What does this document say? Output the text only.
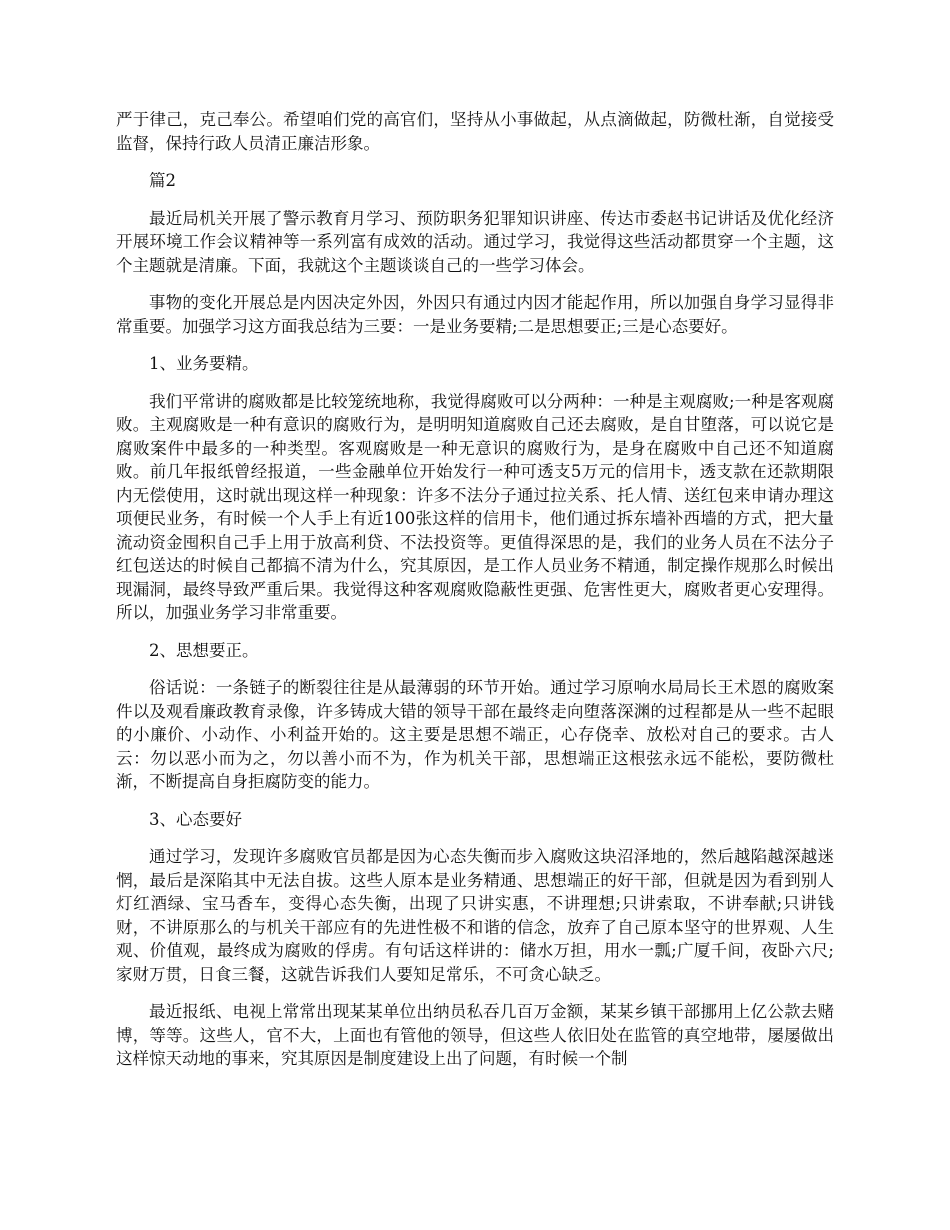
严于律己，克己奉公。希望咱们党的高官们，坚持从小事做起，从点滴做起，防微杜渐，自觉接受监督，保持行政人员清正廉洁形象。

篇2

最近局机关开展了警示教育月学习、预防职务犯罪知识讲座、传达市委赵书记讲话及优化经济开展环境工作会议精神等一系列富有成效的活动。通过学习，我觉得这些活动都贯穿一个主题，这个主题就是清廉。下面，我就这个主题谈谈自己的一些学习体会。

事物的变化开展总是内因决定外因，外因只有通过内因才能起作用，所以加强自身学习显得非常重要。加强学习这方面我总结为三要：一是业务要精;二是思想要正;三是心态要好。

1、业务要精。

我们平常讲的腐败都是比较笼统地称，我觉得腐败可以分两种：一种是主观腐败;一种是客观腐败。主观腐败是一种有意识的腐败行为，是明明知道腐败自己还去腐败，是自甘堕落，可以说它是腐败案件中最多的一种类型。客观腐败是一种无意识的腐败行为，是身在腐败中自己还不知道腐败。前几年报纸曾经报道，一些金融单位开始发行一种可透支5万元的信用卡，透支款在还款期限内无偿使用，这时就出现这样一种现象：许多不法分子通过拉关系、托人情、送红包来申请办理这项便民业务，有时候一个人手上有近100张这样的信用卡，他们通过拆东墙补西墙的方式，把大量流动资金囤积自己手上用于放高利贷、不法投资等。更值得深思的是，我们的业务人员在不法分子红包送达的时候自己都搞不清为什么，究其原因，是工作人员业务不精通，制定操作规那么时候出现漏洞，最终导致严重后果。我觉得这种客观腐败隐蔽性更强、危害性更大，腐败者更心安理得。所以，加强业务学习非常重要。

2、思想要正。

俗话说：一条链子的断裂往往是从最薄弱的环节开始。通过学习原响水局局长王术恩的腐败案件以及观看廉政教育录像，许多铸成大错的领导干部在最终走向堕落深渊的过程都是从一些不起眼的小廉价、小动作、小利益开始的。这主要是思想不端正，心存侥幸、放松对自己的要求。古人云：勿以恶小而为之，勿以善小而不为，作为机关干部，思想端正这根弦永远不能松，要防微杜渐，不断提高自身拒腐防变的能力。

3、心态要好

通过学习，发现许多腐败官员都是因为心态失衡而步入腐败这块沼泽地的，然后越陷越深越迷惘，最后是深陷其中无法自拔。这些人原本是业务精通、思想端正的好干部，但就是因为看到别人灯红酒绿、宝马香车，变得心态失衡，出现了只讲实惠，不讲理想;只讲索取，不讲奉献;只讲钱财，不讲原那么的与机关干部应有的先进性极不和谐的信念，放弃了自己原本坚守的世界观、人生观、价值观，最终成为腐败的俘虏。有句话这样讲的：储水万担，用水一瓢;广厦千间，夜卧六尺;家财万贯，日食三餐，这就告诉我们人要知足常乐，不可贪心缺乏。

最近报纸、电视上常常出现某某单位出纳员私吞几百万金额，某某乡镇干部挪用上亿公款去赌博，等等。这些人，官不大，上面也有管他的领导，但这些人依旧处在监管的真空地带，屡屡做出这样惊天动地的事来，究其原因是制度建设上出了问题，有时候一个制
